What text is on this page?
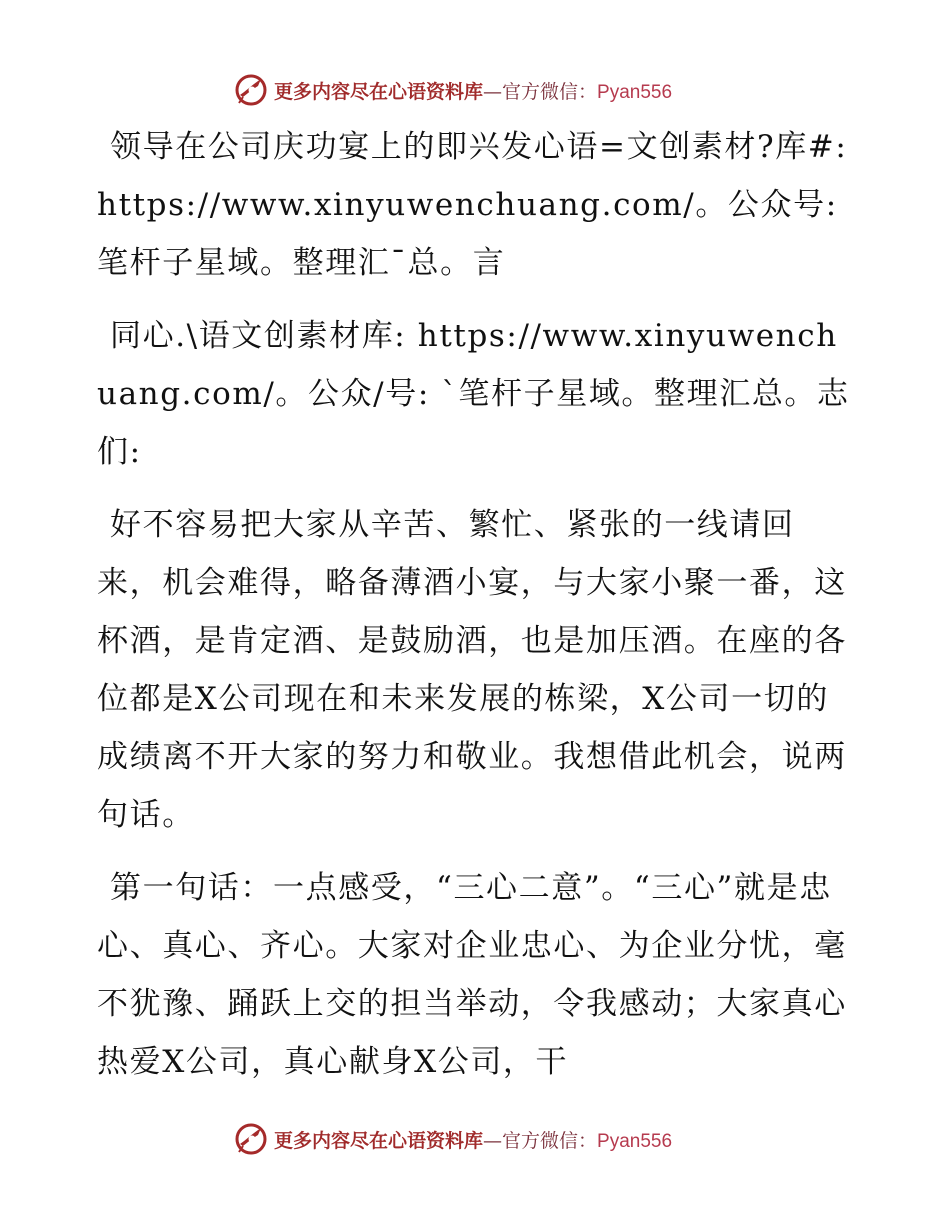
更多内容尽在心语资料库—官方微信：Pyan556

领导在公司庆功宴上的即兴发心语=文创素材?库#: https://www.xinyuwenchuang.com/。公众号:笔杆子星域。整理汇¯总。言

同心.\语文创素材库: https://www.xinyuwenchuang.com/。公众/号: `笔杆子星域。整理汇总。志们:

好不容易把大家从辛苦、繁忙、紧张的一线请回来，机会难得，略备薄酒小宴，与大家小聚一番，这杯酒，是肯定酒、是鼓励酒，也是加压酒。在座的各位都是X公司现在和未来发展的栋梁，X公司一切的成绩离不开大家的努力和敬业。我想借此机会，说两句话。

第一句话：一点感受，“三心二意”。“三心”就是忠心、真心、齐心。大家对企业忠心、为企业分忧，毫不犹豫、踊跃上交的担当举动，令我感动；大家真心热爱X公司，真心献身X公司，干

更多内容尽在心语资料库—官方微信：Pyan556
